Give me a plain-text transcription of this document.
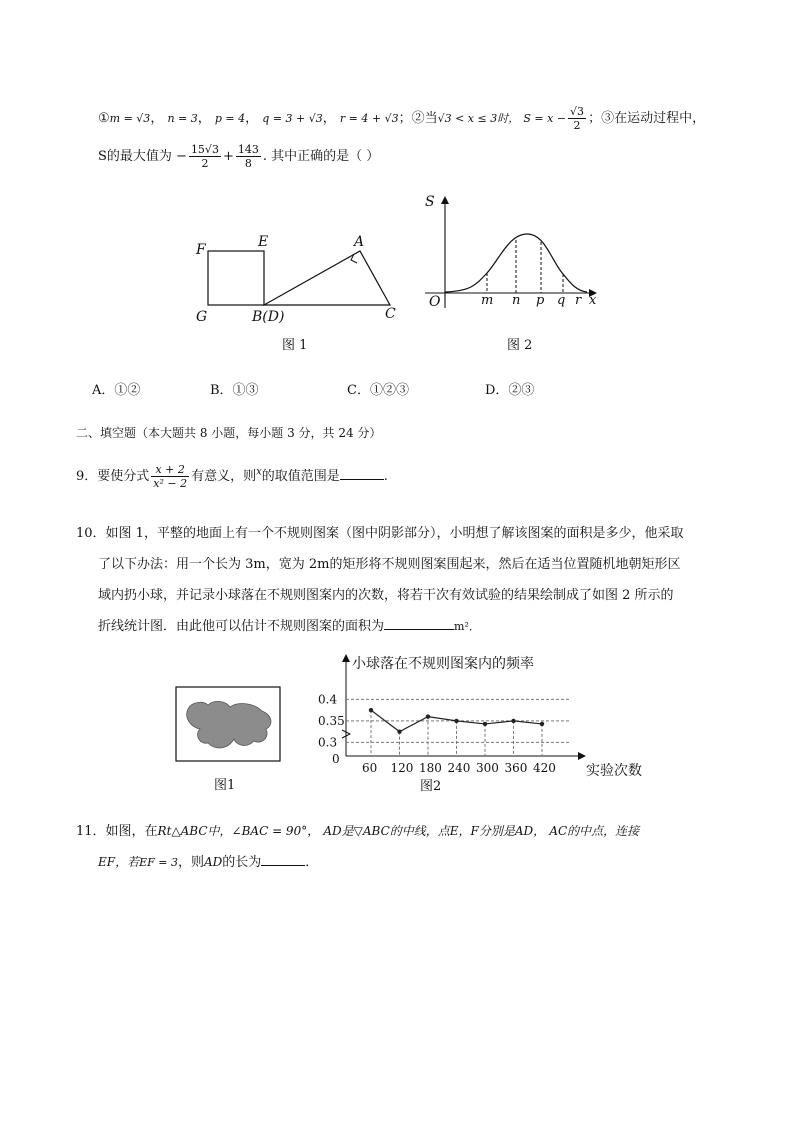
①m = √3， n = 3， p = 4， q = 3 + √3， r = 4 + √3；②当√3 < x ≤ 3时， $S = x - \frac{√3}{2}$ ；③在运动过程中，
S的最大值为 − $\frac{15√3}{2} + \frac{143}{8}$ . 其中正确的是（ ）
F	E	A
G	B(D)	C
图 1
S
O	m n p q r x
图 2
A．①②	B．①③	C．①②③	D．②③
二、填空题（本大题共 8 小题，每小题 3 分，共 24 分）
9．要使分式 $\frac{x + 2}{\text{x² − 2}}$ 有意义，则$^x$的取值范围是	.
10．如图 1，平整的地面上有一个不规则图案（图中阴影部分），小明想了解该图案的面积是多少，他采取
了以下办法：用一个长为 3m，宽为 2m的矩形将不规则图案围起来，然后在适当位置随机地朝矩形区
域内扔小球，并记录小球落在不规则图案内的次数，将若干次有效试验的结果绘制成了如图 2 所示的
折线统计图．由此他可以估计不规则图案的面积为	m²．
图1
小球落在不规则图案内的频率
0
实验次数
0.3
0.35
0.4
60 120 180 240 300 360 420
图2
11．如图，在Rt△ABC中，∠BAC = 90°， AD是▽ABC的中线，点E，F分别是AD， AC的中点，连接
EF，若EF = 3，则AD的长为	．
